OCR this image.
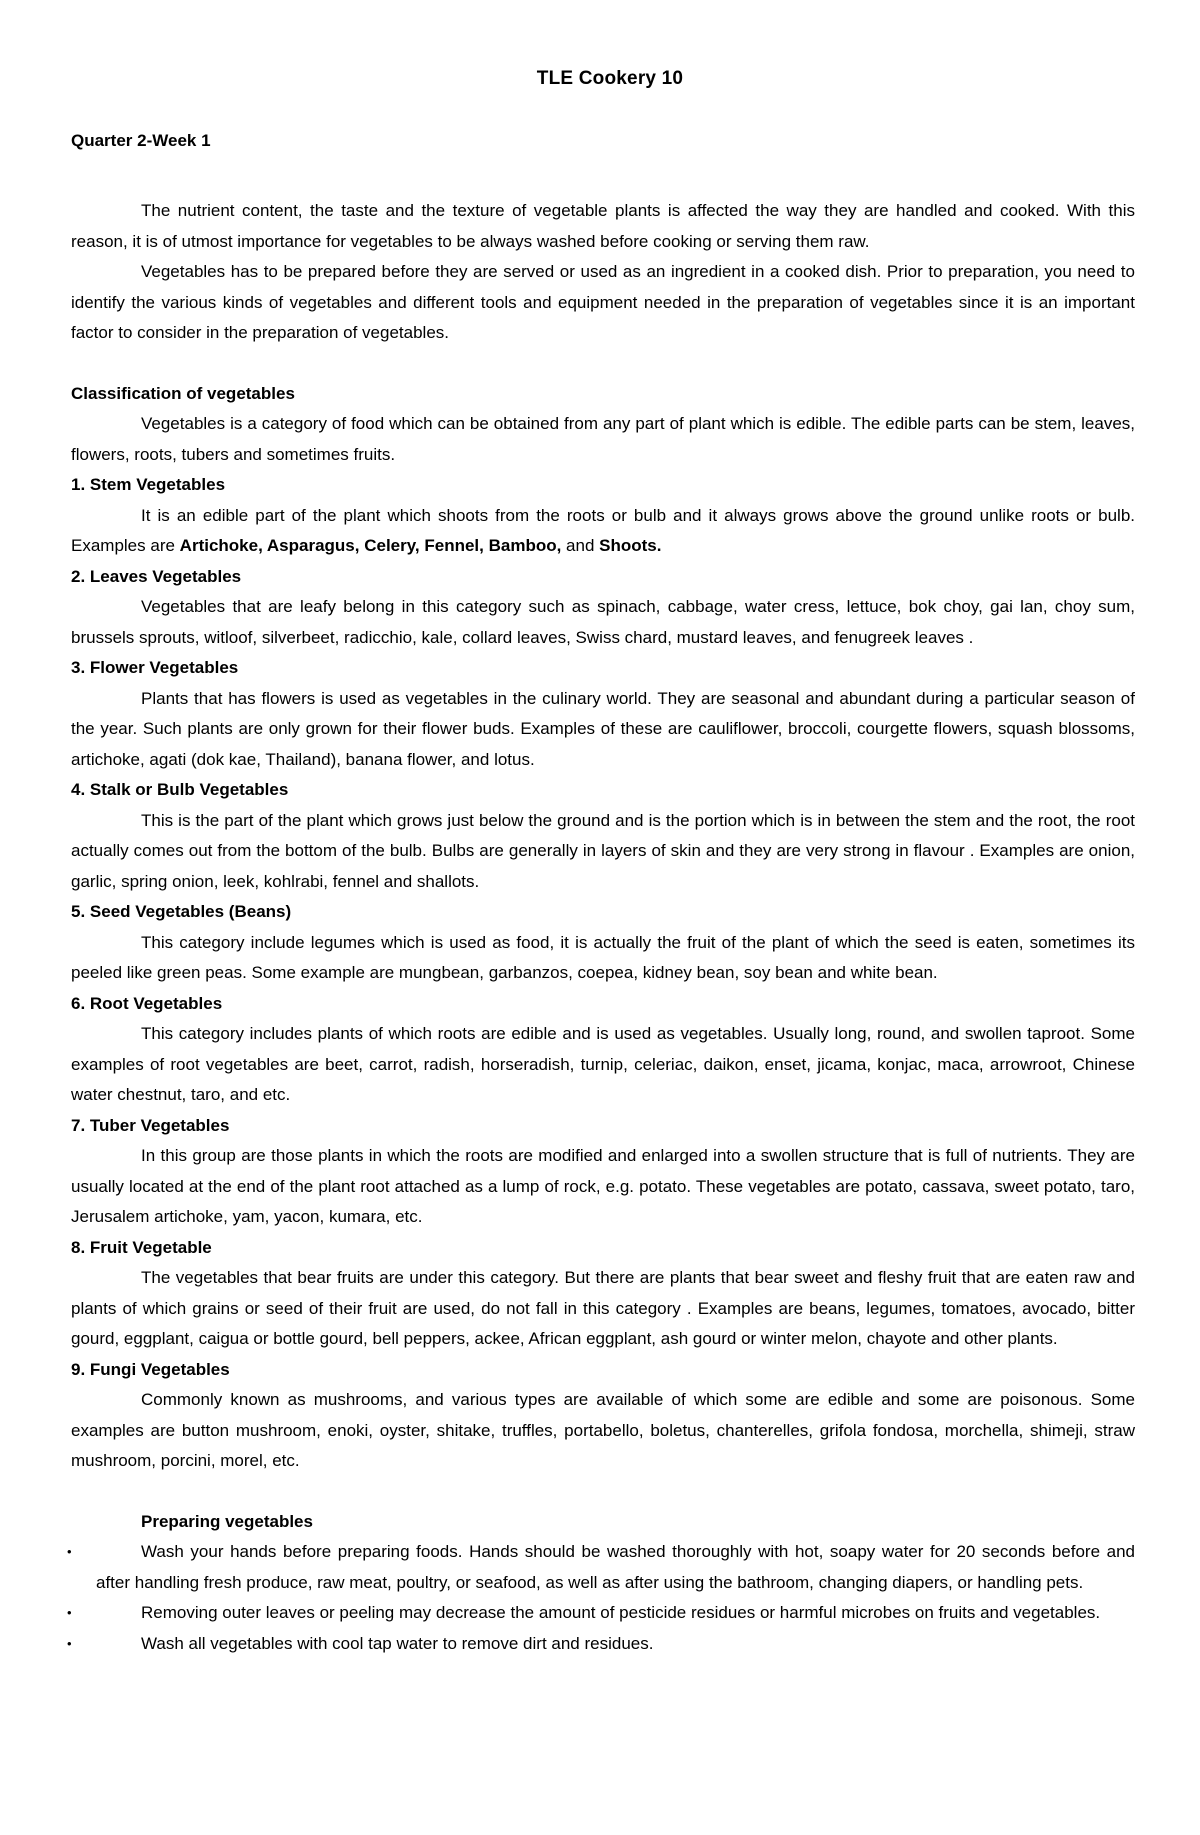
TLE Cookery 10
Quarter 2-Week 1

The nutrient content, the taste and the texture of vegetable plants is affected the way they are handled and cooked. With this reason, it is of utmost importance for vegetables to be always washed before cooking or serving them raw.

Vegetables has to be prepared before they are served or used as an ingredient in a cooked dish. Prior to preparation, you need to identify the various kinds of vegetables and different tools and equipment needed in the preparation of vegetables since it is an important factor to consider in the preparation of vegetables.

Classification of vegetables

Vegetables is a category of food which can be obtained from any part of plant which is edible. The edible parts can be stem, leaves, flowers, roots, tubers and sometimes fruits.

1. Stem Vegetables

It is an edible part of the plant which shoots from the roots or bulb and it always grows above the ground unlike roots or bulb. Examples are Artichoke, Asparagus, Celery, Fennel, Bamboo, and Shoots.

2. Leaves Vegetables

Vegetables that are leafy belong in this category such as spinach, cabbage, water cress, lettuce, bok choy, gai lan, choy sum, brussels sprouts, witloof, silverbeet, radicchio, kale, collard leaves, Swiss chard, mustard leaves, and fenugreek leaves .

3. Flower Vegetables

Plants that has flowers is used as vegetables in the culinary world. They are seasonal and abundant during a particular season of the year. Such plants are only grown for their flower buds. Examples of these are cauliflower, broccoli, courgette flowers, squash blossoms, artichoke, agati (dok kae, Thailand), banana flower, and lotus.

4. Stalk or Bulb Vegetables

This is the part of the plant which grows just below the ground and is the portion which is in between the stem and the root, the root actually comes out from the bottom of the bulb. Bulbs are generally in layers of skin and they are very strong in flavour . Examples are onion, garlic, spring onion, leek, kohlrabi, fennel and shallots.

5. Seed Vegetables (Beans)

This category include legumes which is used as food, it is actually the fruit of the plant of which the seed is eaten, sometimes its peeled like green peas. Some example are mungbean, garbanzos, coepea, kidney bean, soy bean and white bean.

6. Root Vegetables

This category includes plants of which roots are edible and is used as vegetables. Usually long, round, and swollen taproot. Some examples of root vegetables are beet, carrot, radish, horseradish, turnip, celeriac, daikon, enset, jicama, konjac, maca, arrowroot, Chinese water chestnut, taro, and etc.

7. Tuber Vegetables

In this group are those plants in which the roots are modified and enlarged into a swollen structure that is full of nutrients. They are usually located at the end of the plant root attached as a lump of rock, e.g. potato. These vegetables are potato, cassava, sweet potato, taro, Jerusalem artichoke, yam, yacon, kumara, etc.

8. Fruit Vegetable

The vegetables that bear fruits are under this category. But there are plants that bear sweet and fleshy fruit that are eaten raw and plants of which grains or seed of their fruit are used, do not fall in this category . Examples are beans, legumes, tomatoes, avocado, bitter gourd, eggplant, caigua or bottle gourd, bell peppers, ackee, African eggplant, ash gourd or winter melon, chayote and other plants.

9. Fungi Vegetables

Commonly known as mushrooms, and various types are available of which some are edible and some are poisonous. Some examples are button mushroom, enoki, oyster, shitake, truffles, portabello, boletus, chanterelles, grifola fondosa, morchella, shimeji, straw mushroom, porcini, morel, etc.

Preparing vegetables
•	Wash your hands before preparing foods. Hands should be washed thoroughly with hot, soapy water for 20 seconds before and after handling fresh produce, raw meat, poultry, or seafood, as well as after using the bathroom, changing diapers, or handling pets.
•	Removing outer leaves or peeling may decrease the amount of pesticide residues or harmful microbes on fruits and vegetables.
•	Wash all vegetables with cool tap water to remove dirt and residues.
